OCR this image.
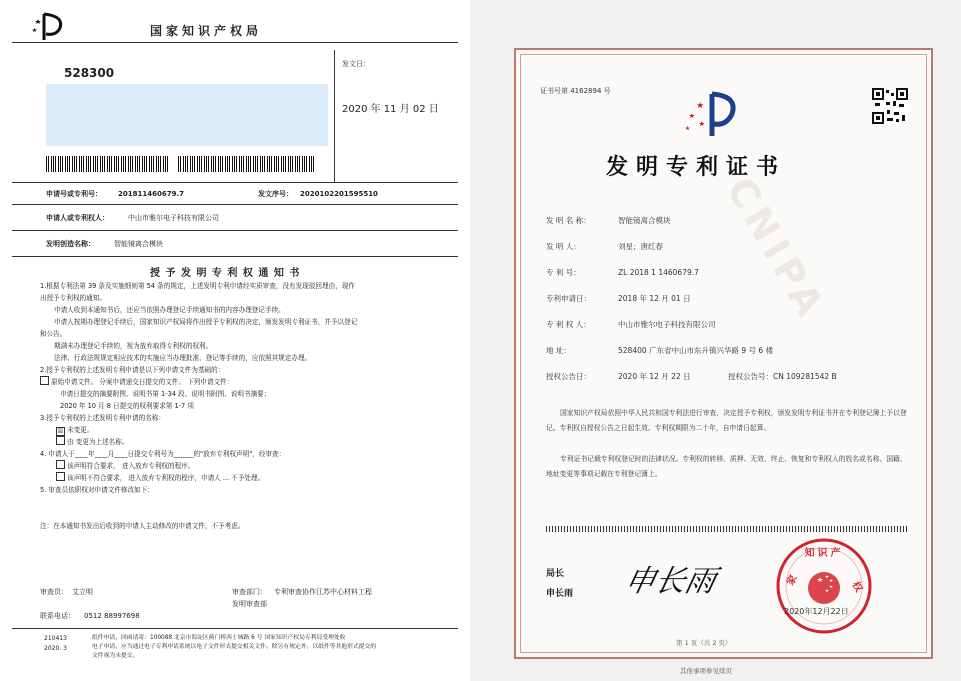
国家知识产权局
528300
发文日：
2020 年 11 月 02 日
申请号或专利号： 201811460679.7	发文序号： 2020102201595510
申请人或专利权人：	中山市雅尔电子科技有限公司
发明创造名称：	智能镜离合模块
授 予 发 明 专 利 权 通 知 书
1.根据专利法第 39 条及实施细则第 54 条的规定，上述发明专利申请经实质审查，没有发现驳回理由，现作
出授予专利权的通知。
申请人收到本通知书后，还应当依照办理登记手续通知书的内容办理登记手续。
申请人按期办理登记手续后，国家知识产权局将作出授予专利权的决定，颁发发明专利证书，并予以登记
和公告。
期满未办理登记手续的，视为放弃取得专利权的权利。
法律、行政法规规定相应技术的实施应当办理批准、登记等手续的，应依照其规定办理。
2.授予专利权的上述发明专利申请是以下列申请文件为基础的：
原始申请文件。 分案申请递交日提交的文件。 下列申请文件：
申请日提交的摘要附图、说明书第 1-34 段、说明书附图、说明书摘要；
2020 年 10 月 8 日提交的权利要求第 1-7 项
3.授予专利权的上述发明专利申请的名称：
☒ 未变更。
由 变更为上述名称。
4. 申请人于____年____月____日提交专利号为______的"放弃专利权声明"，经审查：
该声明符合要求， 进入放弃专利权的程序。
该声明不符合要求， 进入放弃专利权的程序，申请人 ... 不予处理。
5. 审查员依职权对申请文件修改如下：
注：在本通知书发出后收到的申请人主动修改的申请文件，不予考虑。
审查员： 艾立明	审查部门： 专利审查协作江苏中心材料工程
发明审查部
联系电话： 0512 88997698
210413
2020. 3
纸件申请，回函请寄：100088 北京市海淀区蓟门桥西土城路 6 号 国家知识产权局专利局受理处收
电子申请，应当通过电子专利申请系统以电子文件形式提交相关文件。除另有规定外，以纸件等其他形式提交的
文件视为未提交。
CNIPA
证书号第 4162894 号
发明专利证书
发 明 名 称：	智能镜离合模块
发 明 人：	刘星；唐红春
专 利 号：	ZL 2018 1 1460679.7
专利申请日：	2018 年 12 月 01 日
专 利 权 人：	中山市雅尔电子科技有限公司
地 址：	528400 广东省中山市东升镇兴华路 9 号 6 楼
授权公告日：	2020 年 12 月 22 日	授权公告号：CN 109281542 B
国家知识产权局依照中华人民共和国专利法进行审查，决定授予专利权，颁发发明专利证书并在专利登记簿上予以登记。专利权自授权公告之日起生效。专利权期限为二十年，自申请日起算。
专利证书记载专利权登记时的法律状况。专利权的转移、质押、无效、终止、恢复和专利权人的姓名或名称、国籍、地址变更等事项记载在专利登记簿上。
局长
申长雨 申长雨
知识产
家	权
2020年12月22日
第 1 页（共 2 页）
其他事项参见续页
